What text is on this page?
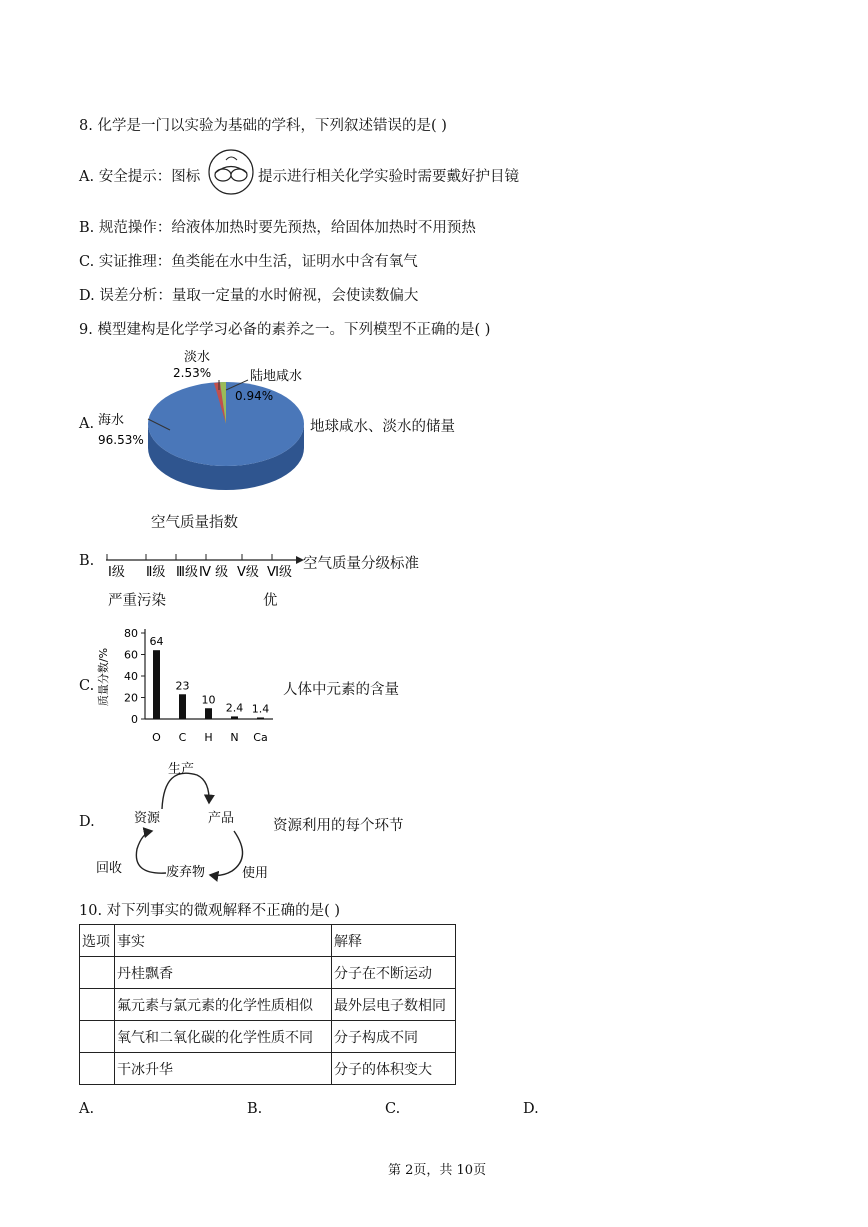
8. 化学是一门以实验为基础的学科，下列叙述错误的是( )
A. 安全提示：图标	提示进行相关化学实验时需要戴好护目镜
B. 规范操作：给液体加热时要先预热，给固体加热时不用预热
C. 实证推理：鱼类能在水中生活，证明水中含有氧气
D. 误差分析：量取一定量的水时俯视，会使读数偏大
9. 模型建构是化学学习必备的素养之一。下列模型不正确的是( )
A.
淡水
2.53%	陆地咸水
0.94%
海水
96.53%
地球咸水、淡水的储量
空气质量指数
B.
I级 Ⅱ级 Ⅲ级 Ⅳ 级 Ⅴ级 Ⅵ级
空气质量分级标准
严重污染	优
C. 质量分数/%
0
20
40
60
80
64
O
23
C
10
H
2.4
N
1.4
Ca
人体中元素的含量
D.
生产
资源	产品
废弃物
回收	使用
资源利用的每个环节
10. 对下列事实的微观解释不正确的是( )
选项	事实	解释
	丹桂飘香	分子在不断运动
	氟元素与氯元素的化学性质相似	最外层电子数相同
	氧气和二氧化碳的化学性质不同	分子构成不同
	干冰升华	分子的体积变大
A.	B.	C.	D.
第 2页，共 10页
